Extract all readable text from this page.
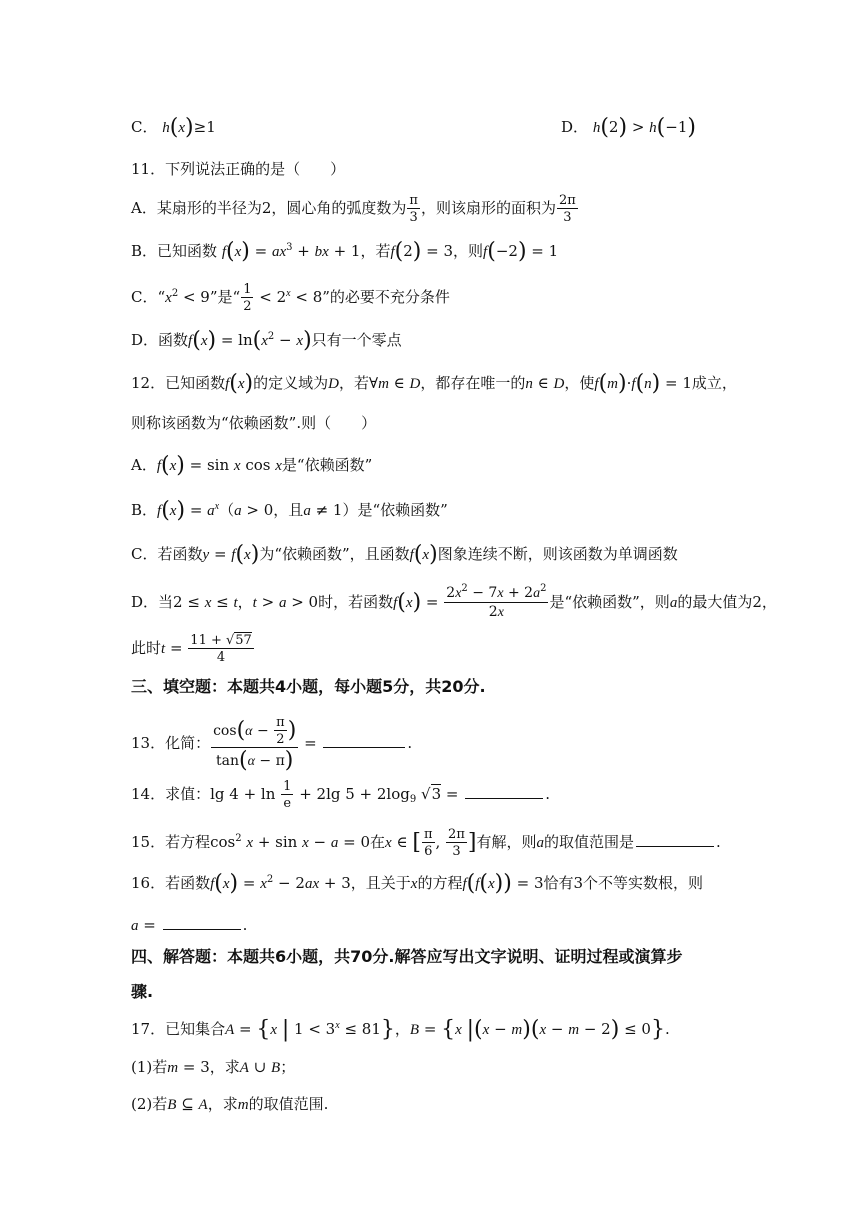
C． h(x)≥1	D． h(2) > h(−1)
11．下列说法正确的是（　　）
A．某扇形的半径为2，圆心角的弧度数为 $\frac{\pi}{3}$ ，则该扇形的面积为 $\frac{2\pi}{3}$
B．已知函数 $f(x) = ax^3$ + bx + 1，若f(2) = 3，则f(−2) = 1
C．“$x^2 < 9$”是“ $\frac{1}{2} < 2^x < 8$”的必要不充分条件
D．函数$f(x) = \ln(x^2 - x)$只有一个零点
12．已知函数f(x)的定义域为D，若∀m ∈ D，都存在唯一的n ∈ D，使f(m)·f(n) = 1成立，
则称该函数为“依赖函数”.则（　　）
A．f(x) = sin x cos x是“依赖函数”
B．$f(x) = a^x(a > 0$，且a ≠ 1）是“依赖函数”
C．若函数y = f(x)为“依赖函数”，且函数f(x)图象连续不断，则该函数为单调函数
D．当2 ≤ x ≤ t，t > a > 0时，若函数$f(x) = \frac{2x^2 - 7x + 2a^2}{2x}$ 是“依赖函数”，则a的最大值为2，
此时$t = \frac{11 + √57}{4}$
三、填空题：本题共4小题，每小题5分，共20分.
13．化简： $\frac{\cos(\alpha - \frac{\pi}{2} )}{\tan(\alpha - \pi)}$ =	.
14．求值：$\lg 4 + \ln \frac{1}{e} + 2\lg$ $5 + 2\log_9$ √3 =	.
15．若方程$\cos^2 x + \sin x - a = 0$在x ∈ [ $\frac{\pi}{6}$ , $\frac{2\pi}{3}$ ]有解，则a的取值范围是	.
16．若函数$f(x) = x^2 - 2ax + 3$，且关于x的方程f(f(x)) = 3恰有3个不等实数根，则
a =	.
四、解答题：本题共6小题，共70分.解答应写出文字说明、证明过程或演算步
骤.
17．已知集合A = {x | $1 < 3^x \le 81$}，B = {x |(x − m)(x − m − 2) ≤ 0}.
(1)若m = 3，求A ∪ B；
(2)若B ⊆ A，求m的取值范围.
